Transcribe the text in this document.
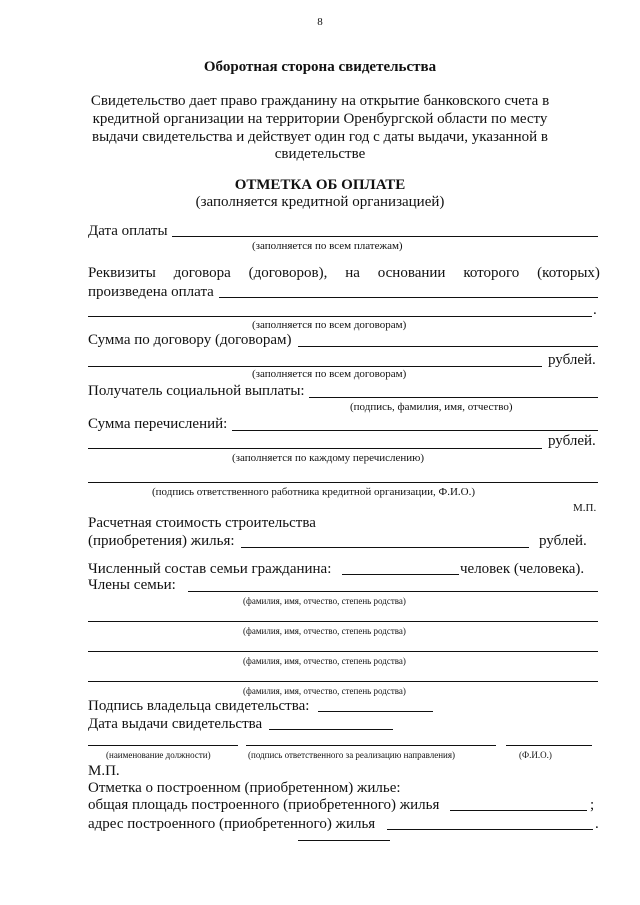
8
Оборотная сторона свидетельства
Свидетельство дает право гражданину на открытие банковского счета в
кредитной организации на территории Оренбургской области по месту
выдачи свидетельства и действует один год с даты выдачи, указанной в
свидетельстве
ОТМЕТКА ОБ ОПЛАТЕ
(заполняется кредитной организацией)
Дата оплаты
(заполняется по всем платежам)
Реквизиты договора (договоров), на основании которого (которых)
произведена оплата
.
(заполняется по всем договорам)
Сумма по договору (договорам)
рублей.
(заполняется по всем договорам)
Получатель социальной выплаты:
(подпись, фамилия, имя, отчество)
Сумма перечислений:
рублей.
(заполняется по каждому перечислению)
(подпись ответственного работника кредитной организации, Ф.И.О.)
М.П.
Расчетная стоимость строительства
(приобретения) жилья:	рублей.
Численный состав семьи гражданина:	человек (человека).
Члены семьи:
(фамилия, имя, отчество, степень родства)
(фамилия, имя, отчество, степень родства)
(фамилия, имя, отчество, степень родства)
(фамилия, имя, отчество, степень родства)
Подпись владельца свидетельства:
Дата выдачи свидетельства
(наименование должности)	(подпись ответственного за реализацию направления)	(Ф.И.О.)
М.П.
Отметка о построенном (приобретенном) жилье:
общая площадь построенного (приобретенного) жилья	;
адрес построенного (приобретенного) жилья	.
